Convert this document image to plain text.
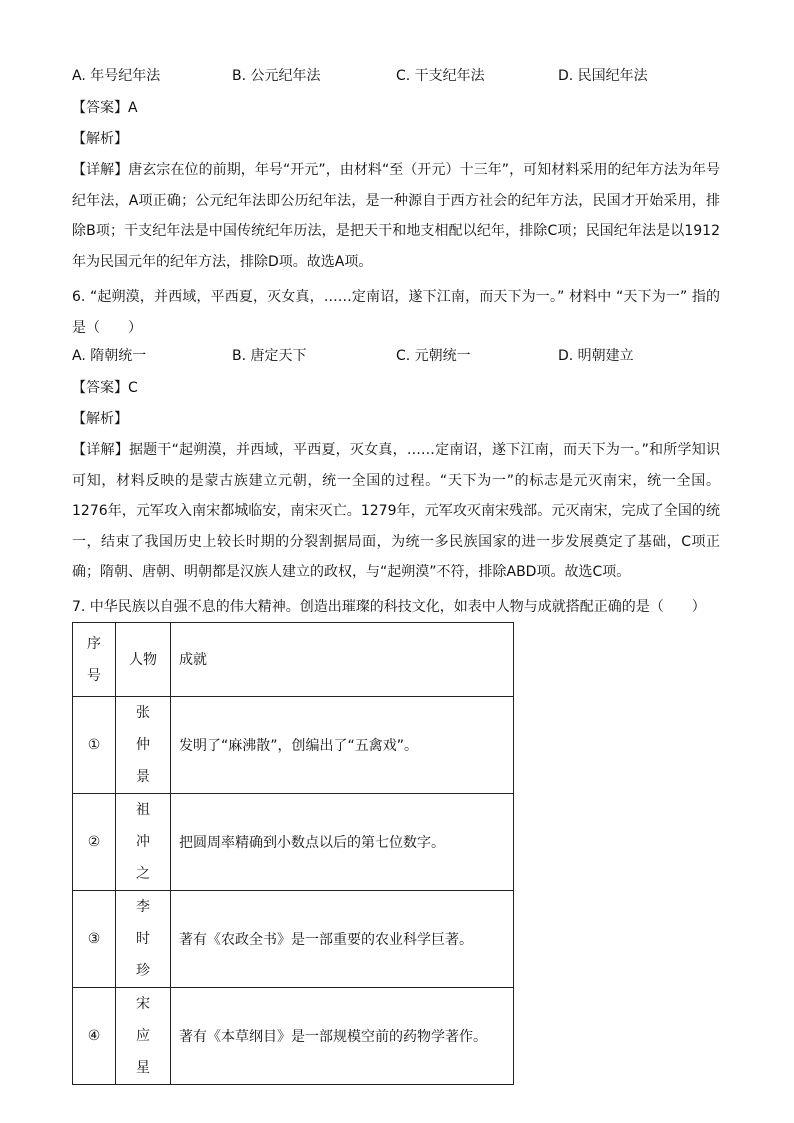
A. 年号纪年法	B. 公元纪年法	C. 干支纪年法	D. 民国纪年法
【答案】A
【解析】
【详解】唐玄宗在位的前期，年号“开元”，由材料“至（开元）十三年”，可知材料采用的纪年方法为年号纪年法，A项正确；公元纪年法即公历纪年法，是一种源自于西方社会的纪年方法，民国才开始采用，排除B项；干支纪年法是中国传统纪年历法，是把天干和地支相配以纪年，排除C项；民国纪年法是以1912年为民国元年的纪年方法，排除D项。故选A项。
6. “起朔漠，并西域，平西夏，灭女真，……定南诏，遂下江南，而天下为一。” 材料中 “天下为一” 指的是（　　）
A. 隋朝统一	B. 唐定天下	C. 元朝统一	D. 明朝建立
【答案】C
【解析】
【详解】据题干“起朔漠，并西域，平西夏，灭女真，……定南诏，遂下江南，而天下为一。”和所学知识可知，材料反映的是蒙古族建立元朝，统一全国的过程。“天下为一”的标志是元灭南宋，统一全国。1276年，元军攻入南宋都城临安，南宋灭亡。1279年，元军攻灭南宋残部。元灭南宋，完成了全国的统一，结束了我国历史上较长时期的分裂割据局面，为统一多民族国家的进一步发展奠定了基础，C项正确；隋朝、唐朝、明朝都是汉族人建立的政权，与“起朔漠”不符，排除ABD项。故选C项。
7. 中华民族以自强不息的伟大精神。创造出璀璨的科技文化，如表中人物与成就搭配正确的是（　　）
序号	人物	成就
①	张仲景	发明了“麻沸散”，创编出了“五禽戏”。
②	祖冲之	把圆周率精确到小数点以后的第七位数字。
③	李时珍	著有《农政全书》是一部重要的农业科学巨著。
④	宋应星	著有《本草纲目》是一部规模空前的药物学著作。
